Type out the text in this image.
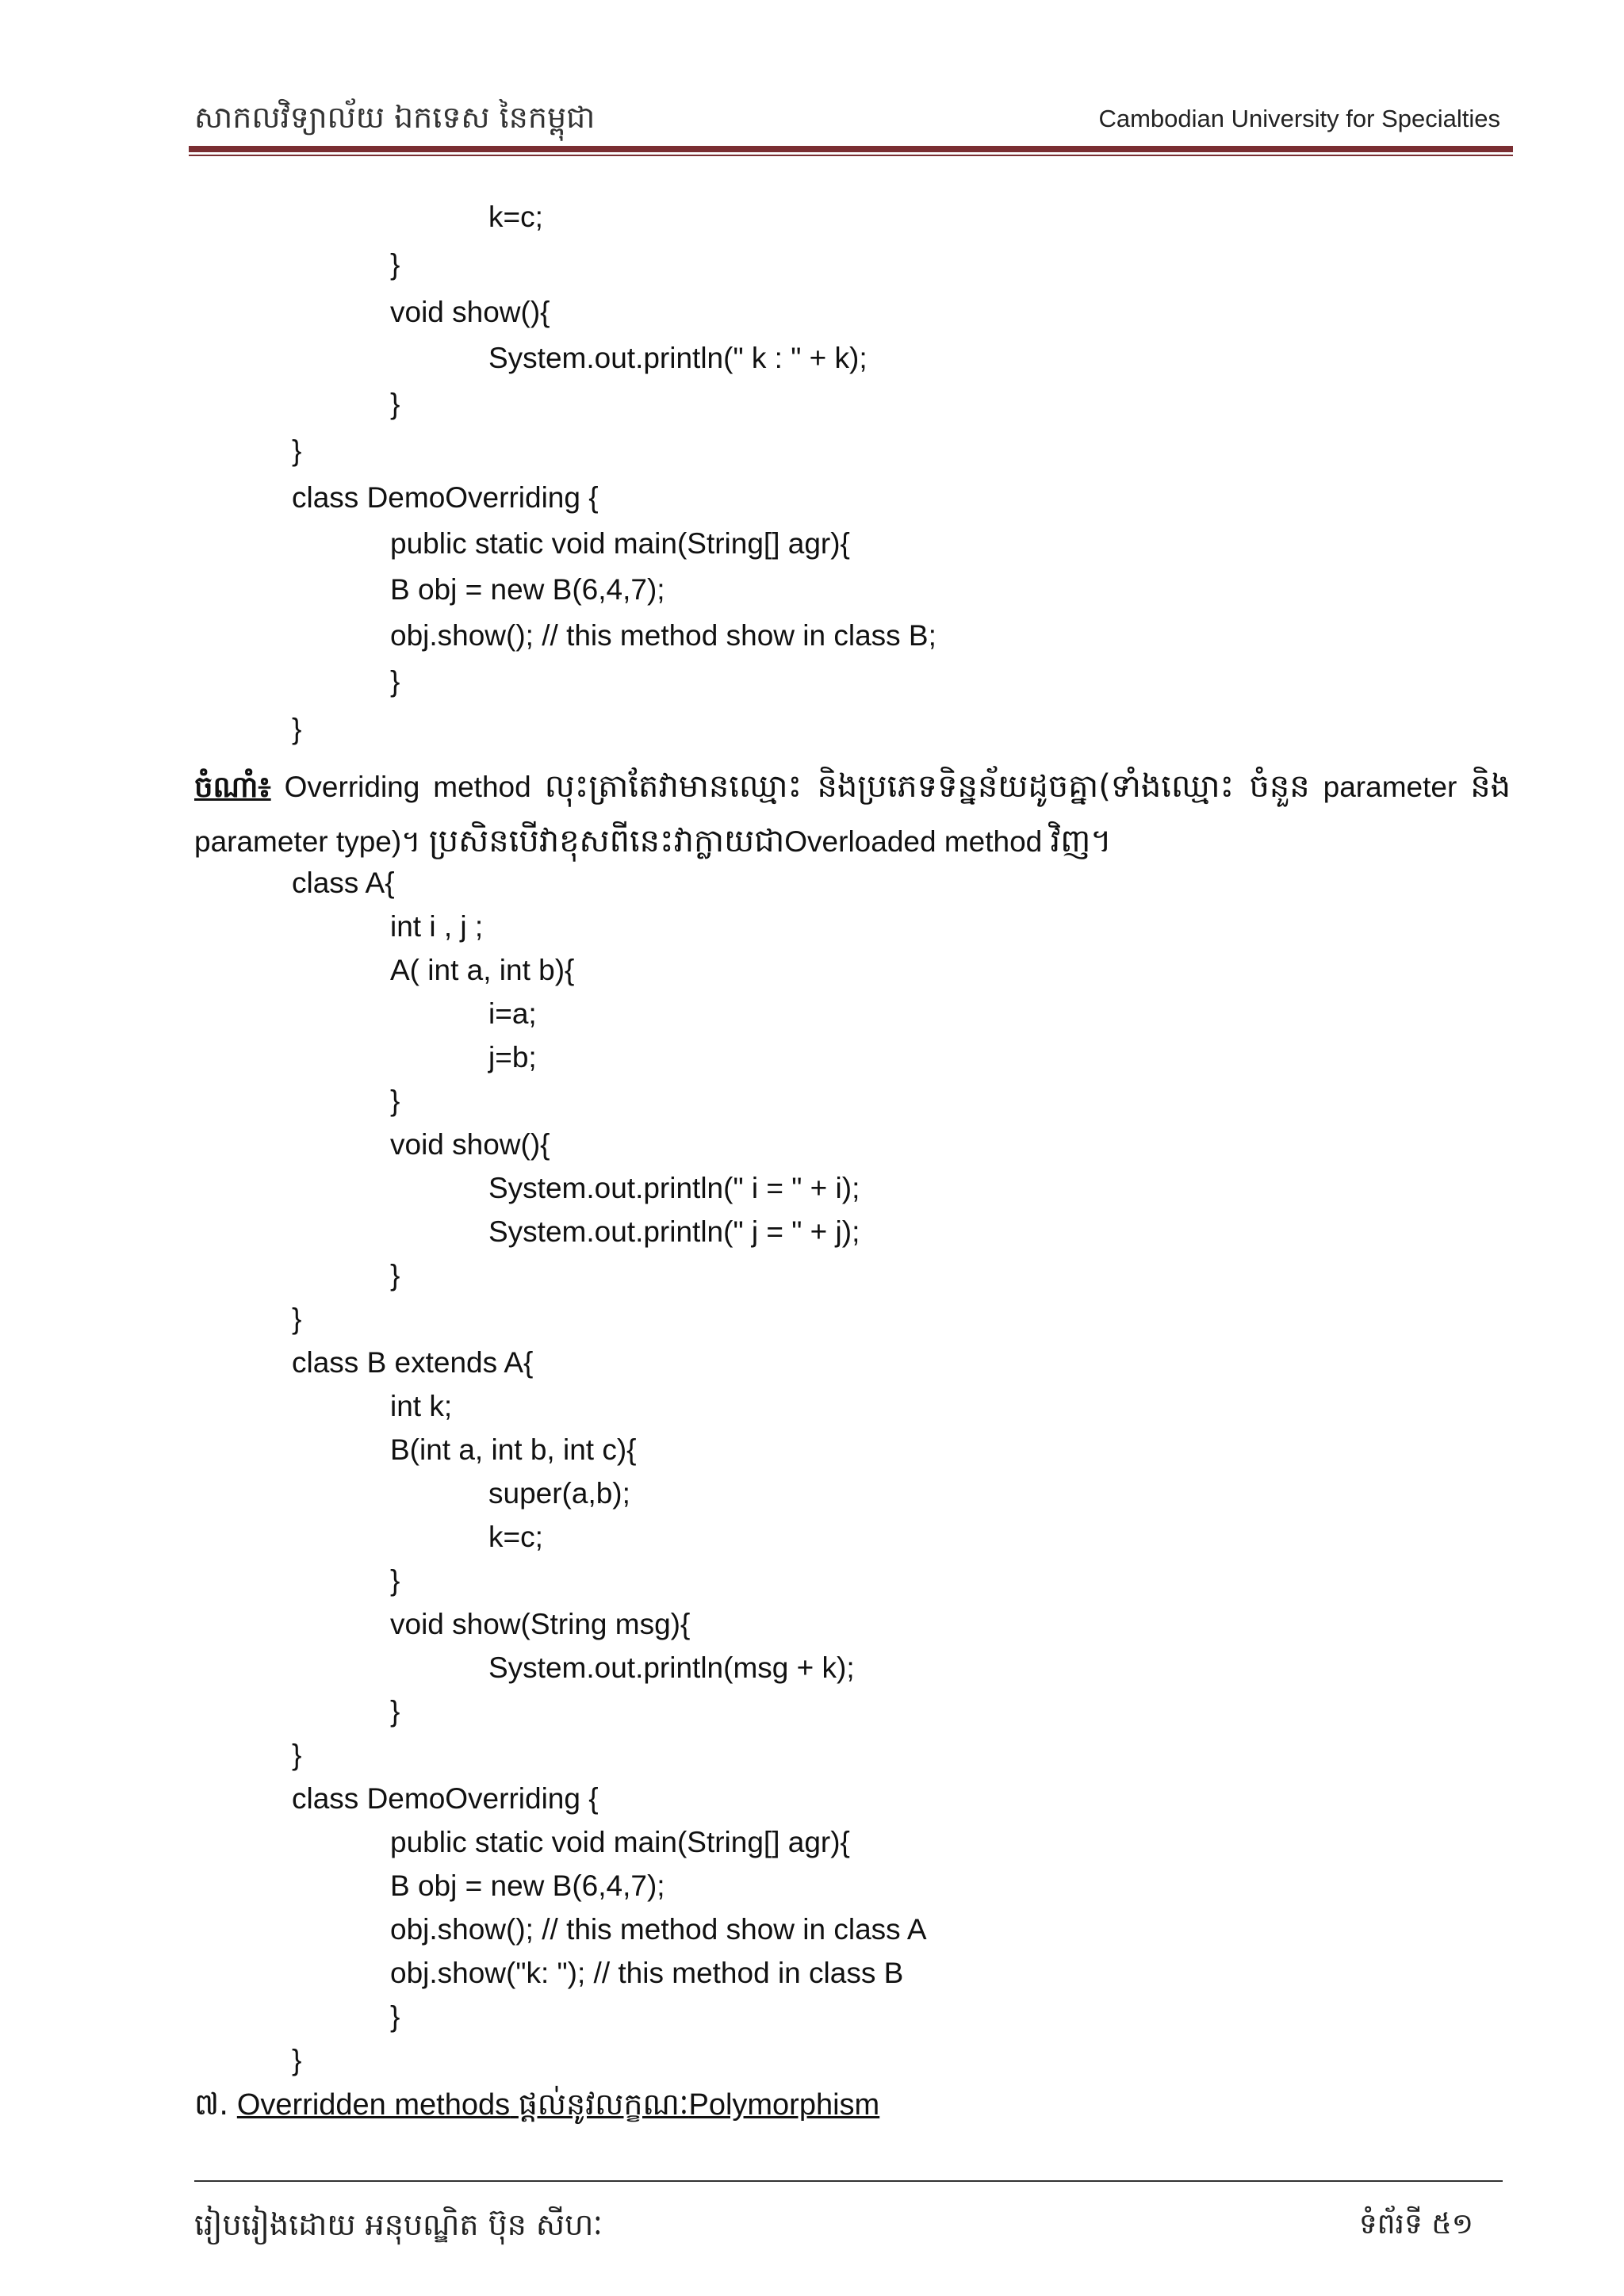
សាកលវិទ្យាល័យ ឯកទេស នៃកម្ពុជា	Cambodian University for Specialties
k=c;
}
void show(){
System.out.println(" k : " + k);
}
}
class DemoOverriding {
public static void main(String[] agr){
B obj = new B(6,4,7);
obj.show(); // this method show in class B;
}
}
ចំណាំ៖ Overriding method លុះត្រាតែវាមានឈ្មោះ និងប្រភេទទិន្នន័យដូចគ្នា(ទាំងឈ្មោះ ចំនួន parameter និង parameter type)។ ប្រសិនបើវាខុសពីនេះវាក្លាយជាOverloaded method វិញ។
class A{
int i , j ;
A( int a, int b){
i=a;
j=b;
}
void show(){
System.out.println(" i = " + i);
System.out.println(" j = " + j);
}
}
class B extends A{
int k;
B(int a, int b, int c){
super(a,b);
k=c;
}
void show(String msg){
System.out.println(msg + k);
}
}
class DemoOverriding {
public static void main(String[] agr){
B obj = new B(6,4,7);
obj.show(); // this method show in class A
obj.show("k: "); // this method in class B
}
}
៧. Overridden methods ផ្តល់នូវលក្ខណៈPolymorphism
រៀបរៀងដោយ អនុបណ្ឌិត ប៊ុន សីហៈ	ទំព័រទី ៥១
